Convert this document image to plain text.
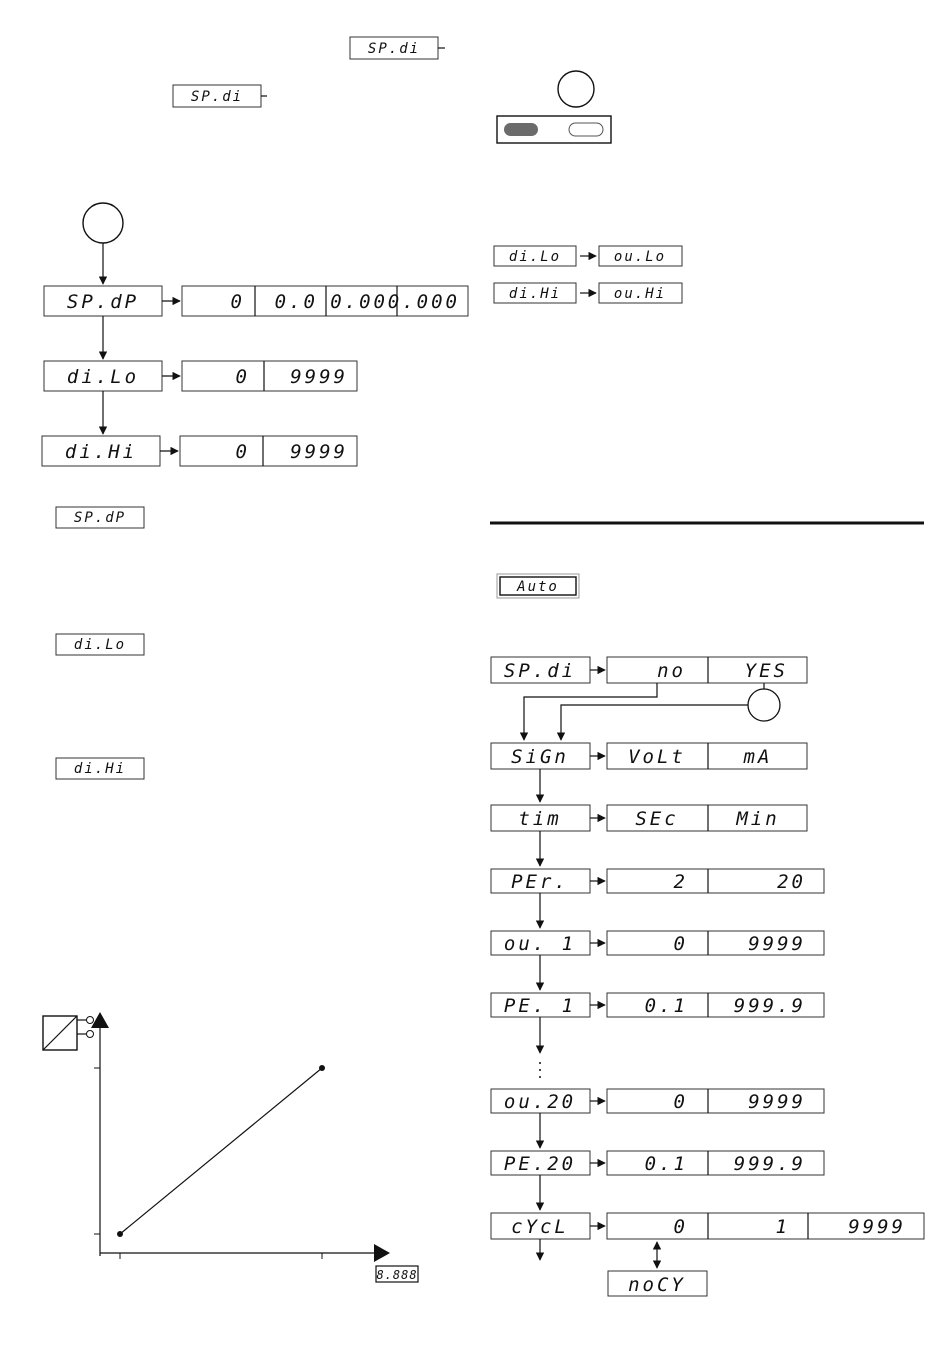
SP.di
SP.di
SP.dP	0 0.0 0.00 0.000
di.Lo	0 9999
di.Hi	0 9999
di.Lo	ou.Lo
di.Hi	ou.Hi
SP.dP
di.Lo
di.Hi
8.888
Auto
SP.di	no	YES
SiGn	VoLt	mA
tim	SEc	Min
PEr.	2	20
ou. 1	0	9999
PE. 1	0.1 999.9
ou.20	0	9999
PE.20	0.1 999.9
cYcL	0	1	9999
noCY
